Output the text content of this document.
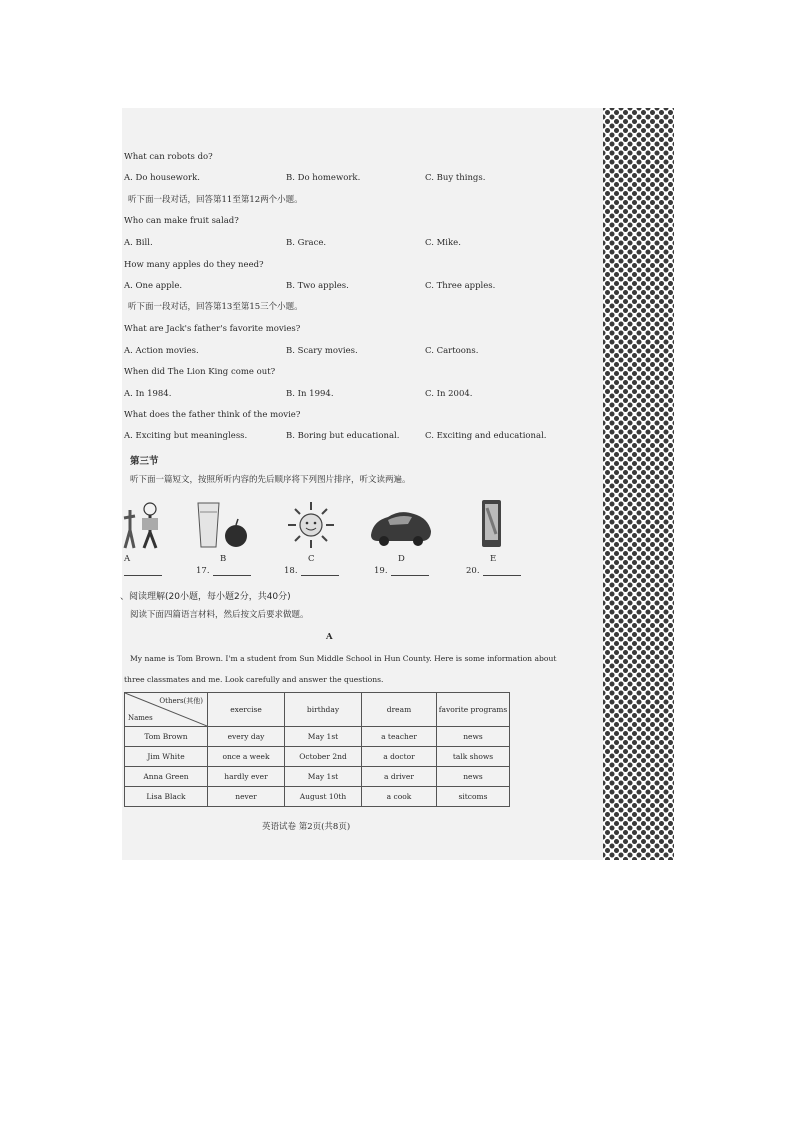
What can robots do?
A. Do housework.	B. Do homework.	C. Buy things.
听下面一段对话，回答第11至第12两个小题。
Who can make fruit salad?
A. Bill.	B. Grace.	C. Mike.
How many apples do they need?
A. One apple.	B. Two apples.	C. Three apples.
听下面一段对话，回答第13至第15三个小题。
What are Jack's father's favorite movies?
A. Action movies.	B. Scary movies.	C. Cartoons.
When did The Lion King come out?
A. In 1984.	B. In 1994.	C. In 2004.
What does the father think of the movie?
A. Exciting but meaningless.	B. Boring but educational.	C. Exciting and educational.
第三节
听下面一篇短文，按照所听内容的先后顺序将下列图片排序，听文读两遍。
A	B	C	D	E
17.	18.	19.	20.
、阅读理解(20小题，每小题2分，共40分)
阅读下面四篇语言材料，然后按文后要求做题。
A
My name is Tom Brown. I'm a student from Sun Middle School in Hun County. Here is some information about
three classmates and me. Look carefully and answer the questions.
Others(其他)
Names	exercise	birthday	dream	favorite programs
Tom Brown	every day	May 1st	a teacher	news
Jim White	once a week	October 2nd	a doctor	talk shows
Anna Green	hardly ever	May 1st	a driver	news
Lisa Black	never	August 10th	a cook	sitcoms
英语试卷 第2页(共8页)
